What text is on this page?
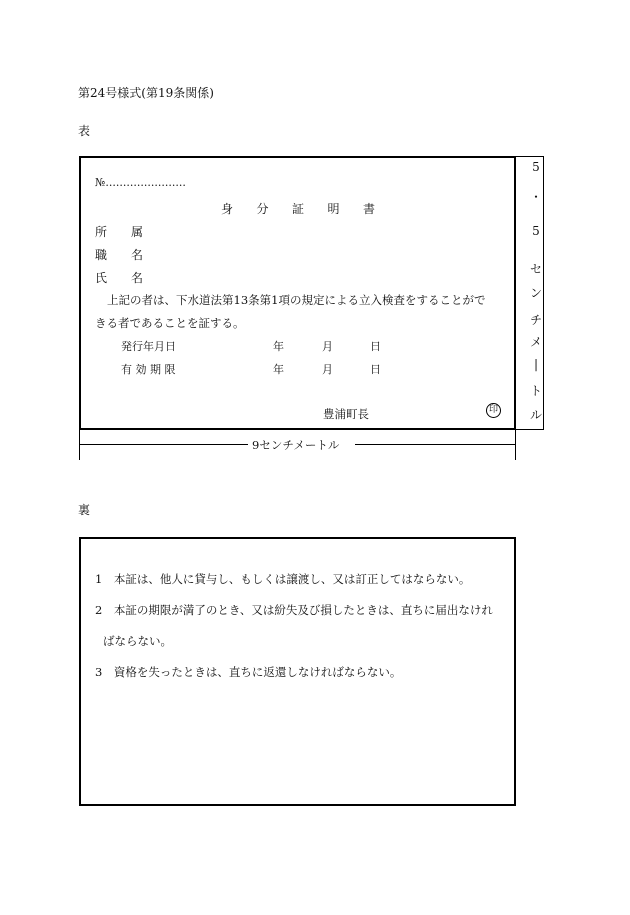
第24号様式(第19条関係)
表
№.......................
身 分 証 明 書
所 属
職 名
氏 名
上記の者は、下水道法第13条第1項の規定による立入検査をすることがで
きる者であることを証する。
発行年月日	年	月	日
有 効 期 限	年	月	日
豊浦町長	印
5
・
5
セ
ン
チ
メ
|
ト
ル
9センチメートル
裏
1　本証は、他人に貸与し、もしくは譲渡し、又は訂正してはならない。
2　本証の期限が満了のとき、又は紛失及び損したときは、直ちに届出なけれ
ばならない。
3　資格を失ったときは、直ちに返還しなければならない。
